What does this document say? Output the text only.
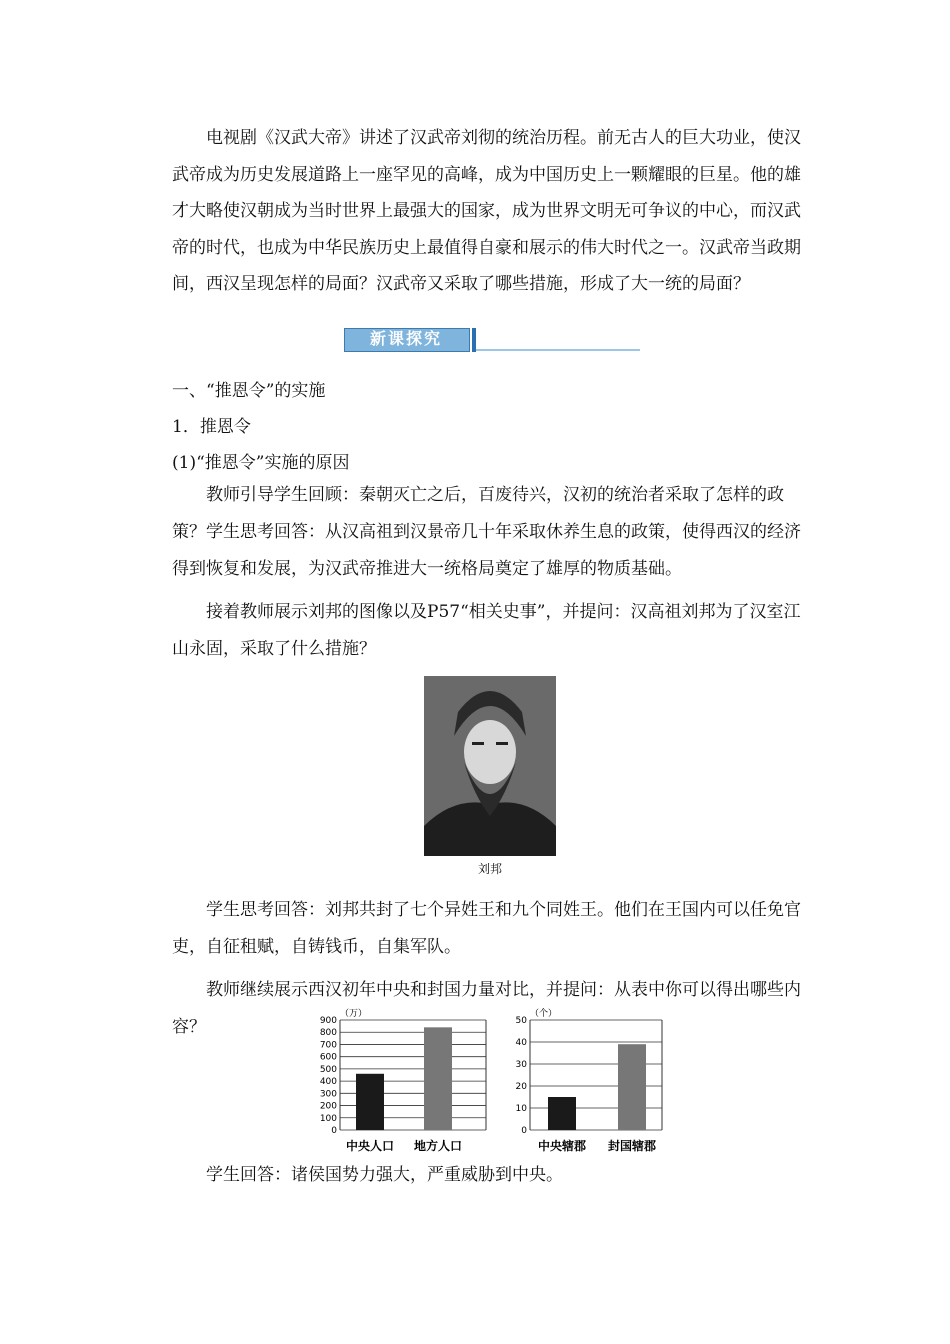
电视剧《汉武大帝》讲述了汉武帝刘彻的统治历程。前无古人的巨大功业，使汉武帝成为历史发展道路上一座罕见的高峰，成为中国历史上一颗耀眼的巨星。他的雄才大略使汉朝成为当时世界上最强大的国家，成为世界文明无可争议的中心，而汉武帝的时代，也成为中华民族历史上最值得自豪和展示的伟大时代之一。汉武帝当政期间，西汉呈现怎样的局面？汉武帝又采取了哪些措施，形成了大一统的局面？

新课探究

一、“推恩令”的实施

1．推恩令

(1)“推恩令”实施的原因

教师引导学生回顾：秦朝灭亡之后，百废待兴，汉初的统治者采取了怎样的政策？ 学生思考回答：从汉高祖到汉景帝几十年采取休养生息的政策，使得西汉的经济得到恢复和发展，为汉武帝推进大一统格局奠定了雄厚的物质基础。

接着教师展示刘邦的图像以及P57“相关史事”，并提问：汉高祖刘邦为了汉室江山永固，采取了什么措施？

刘邦

学生思考回答：刘邦共封了七个异姓王和九个同姓王。他们在王国内可以任免官吏，自征租赋，自铸钱币，自集军队。

教师继续展示西汉初年中央和封国力量对比，并提问：从表中你可以得出哪些内容？

（万）
0
100
200
300
400
500
600
700
800
900
中央人口 地方人口
（个）
0
10
20
30
40
50
中央辖郡 封国辖郡

学生回答：诸侯国势力强大，严重威胁到中央。
